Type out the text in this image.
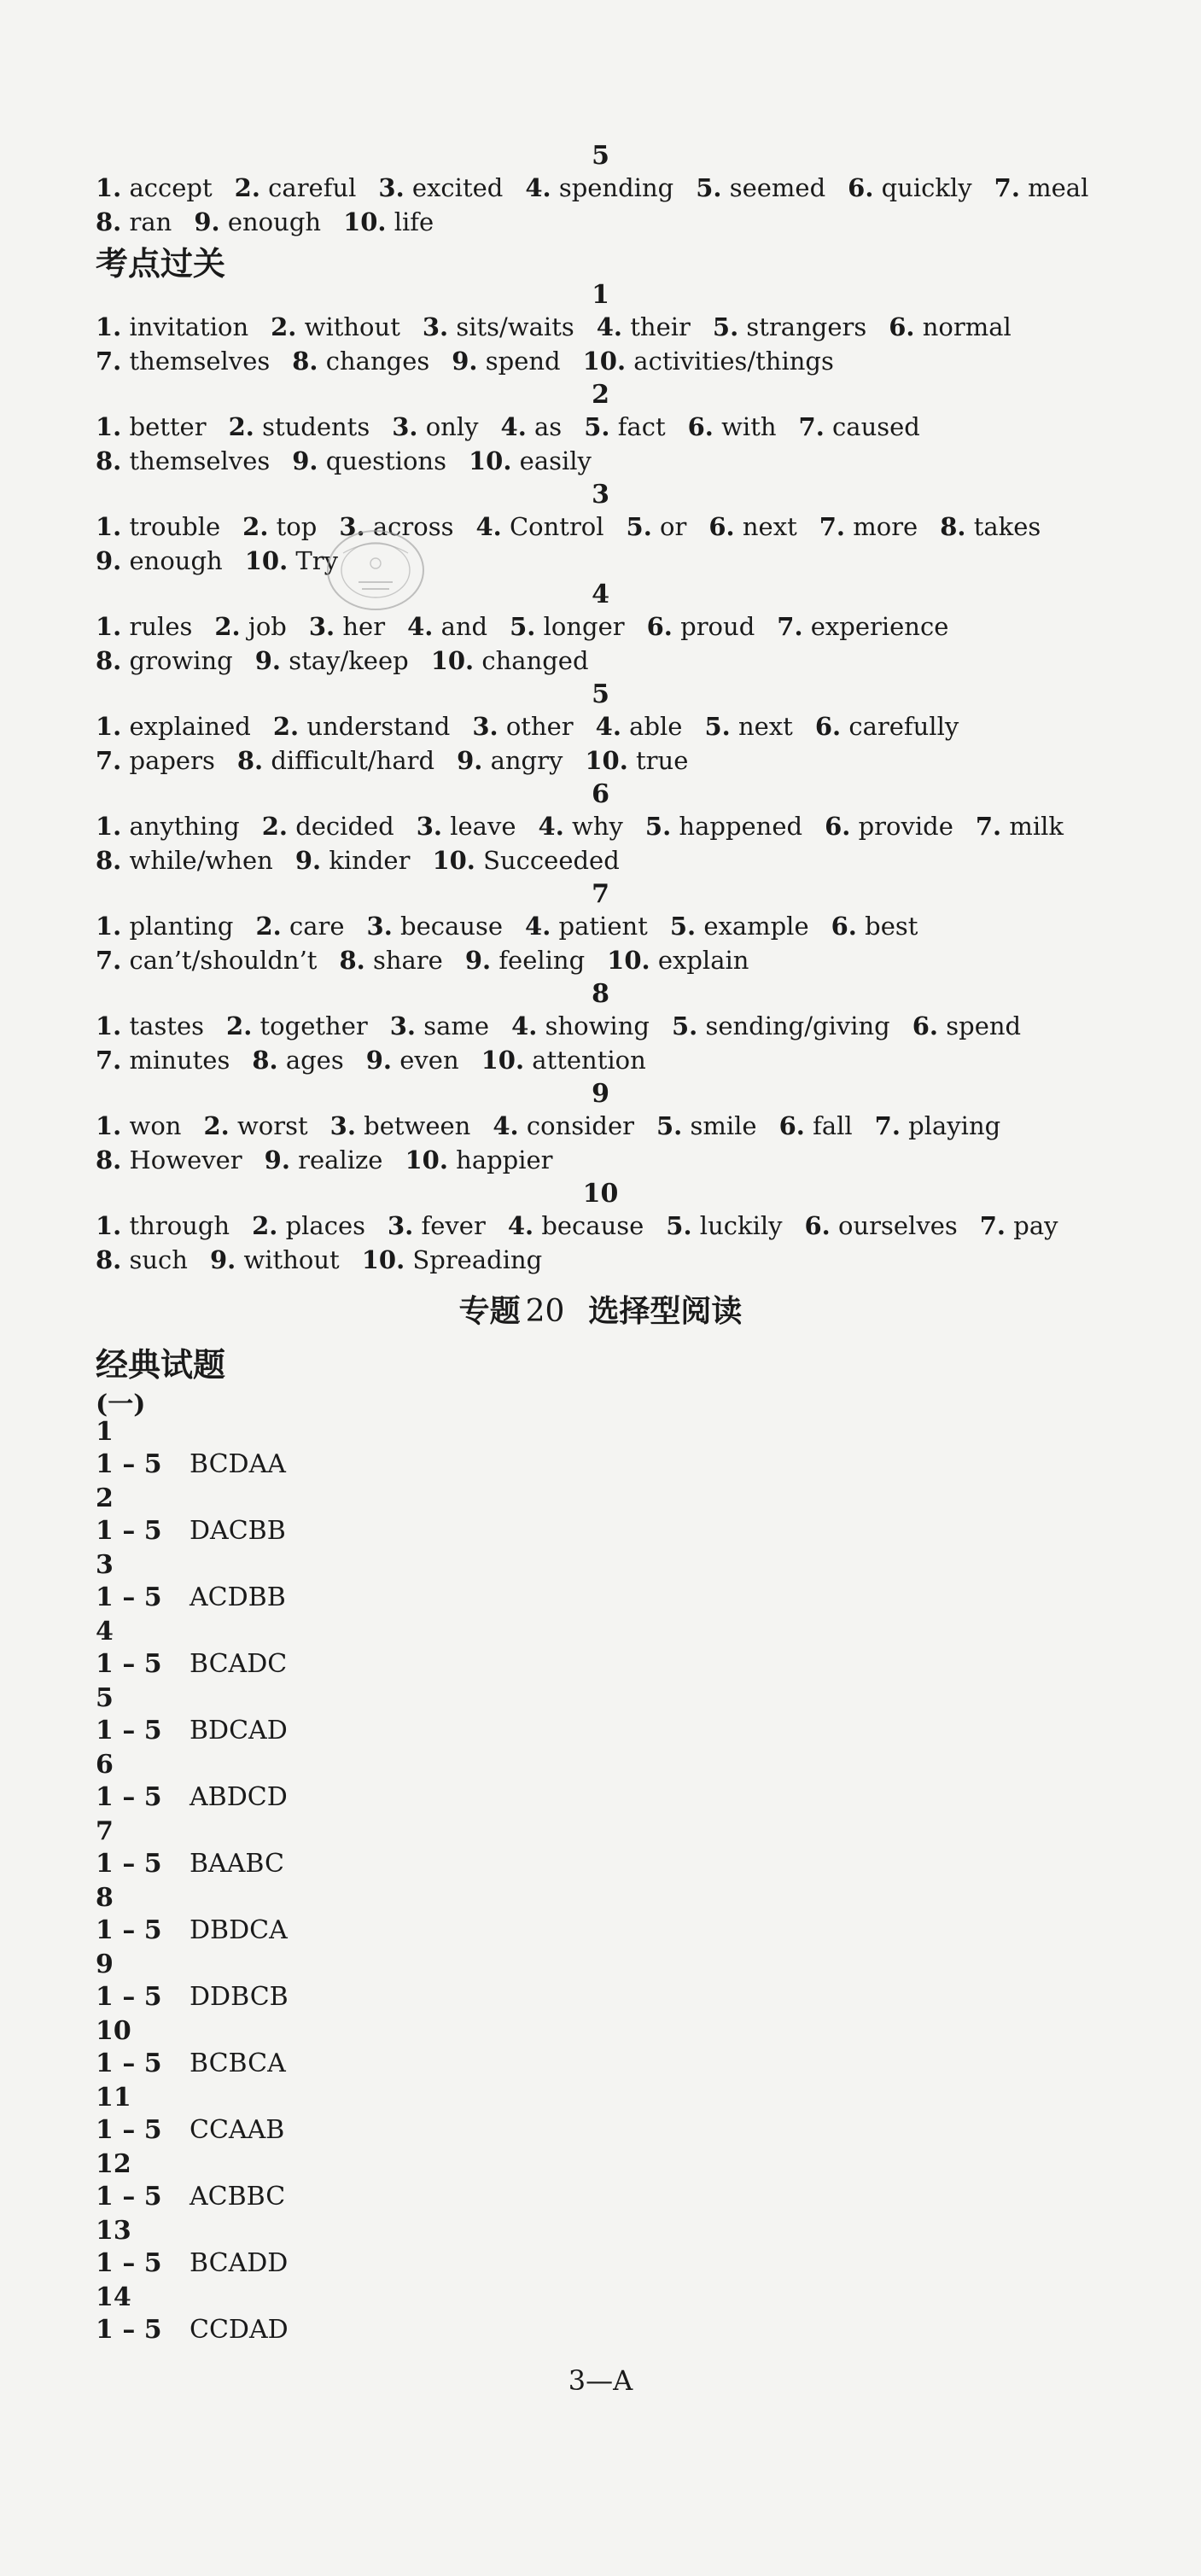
5
1. accept 2. careful 3. excited 4. spending 5. seemed 6. quickly 7. meal
8. ran 9. enough 10. life
考点过关
1
1. invitation 2. without 3. sits/waits 4. their 5. strangers 6. normal
7. themselves 8. changes 9. spend 10. activities/things
2
1. better 2. students 3. only 4. as 5. fact 6. with 7. caused
8. themselves 9. questions 10. easily
3
1. trouble 2. top 3. across 4. Control 5. or 6. next 7. more 8. takes
9. enough 10. Try
4
1. rules 2. job 3. her 4. and 5. longer 6. proud 7. experience
8. growing 9. stay/keep 10. changed
5
1. explained 2. understand 3. other 4. able 5. next 6. carefully
7. papers 8. difficult/hard 9. angry 10. true
6
1. anything 2. decided 3. leave 4. why 5. happened 6. provide 7. milk
8. while/when 9. kinder 10. Succeeded
7
1. planting 2. care 3. because 4. patient 5. example 6. best
7. can’t/shouldn’t 8. share 9. feeling 10. explain
8
1. tastes 2. together 3. same 4. showing 5. sending/giving 6. spend
7. minutes 8. ages 9. even 10. attention
9
1. won 2. worst 3. between 4. consider 5. smile 6. fall 7. playing
8. However 9. realize 10. happier
10
1. through 2. places 3. fever 4. because 5. luckily 6. ourselves 7. pay
8. such 9. without 10. Spreading
专题 20 选择型阅读
经典试题
(一)
1
1 – 5 BCDAA
2
1 – 5 DACBB
3
1 – 5 ACDBB
4
1 – 5 BCADC
5
1 – 5 BDCAD
6
1 – 5 ABDCD
7
1 – 5 BAABC
8
1 – 5 DBDCA
9
1 – 5 DDBCB
10
1 – 5 BCBCA
11
1 – 5 CCAAB
12
1 – 5 ACBBC
13
1 – 5 BCADD
14
1 – 5 CCDAD
3—A
